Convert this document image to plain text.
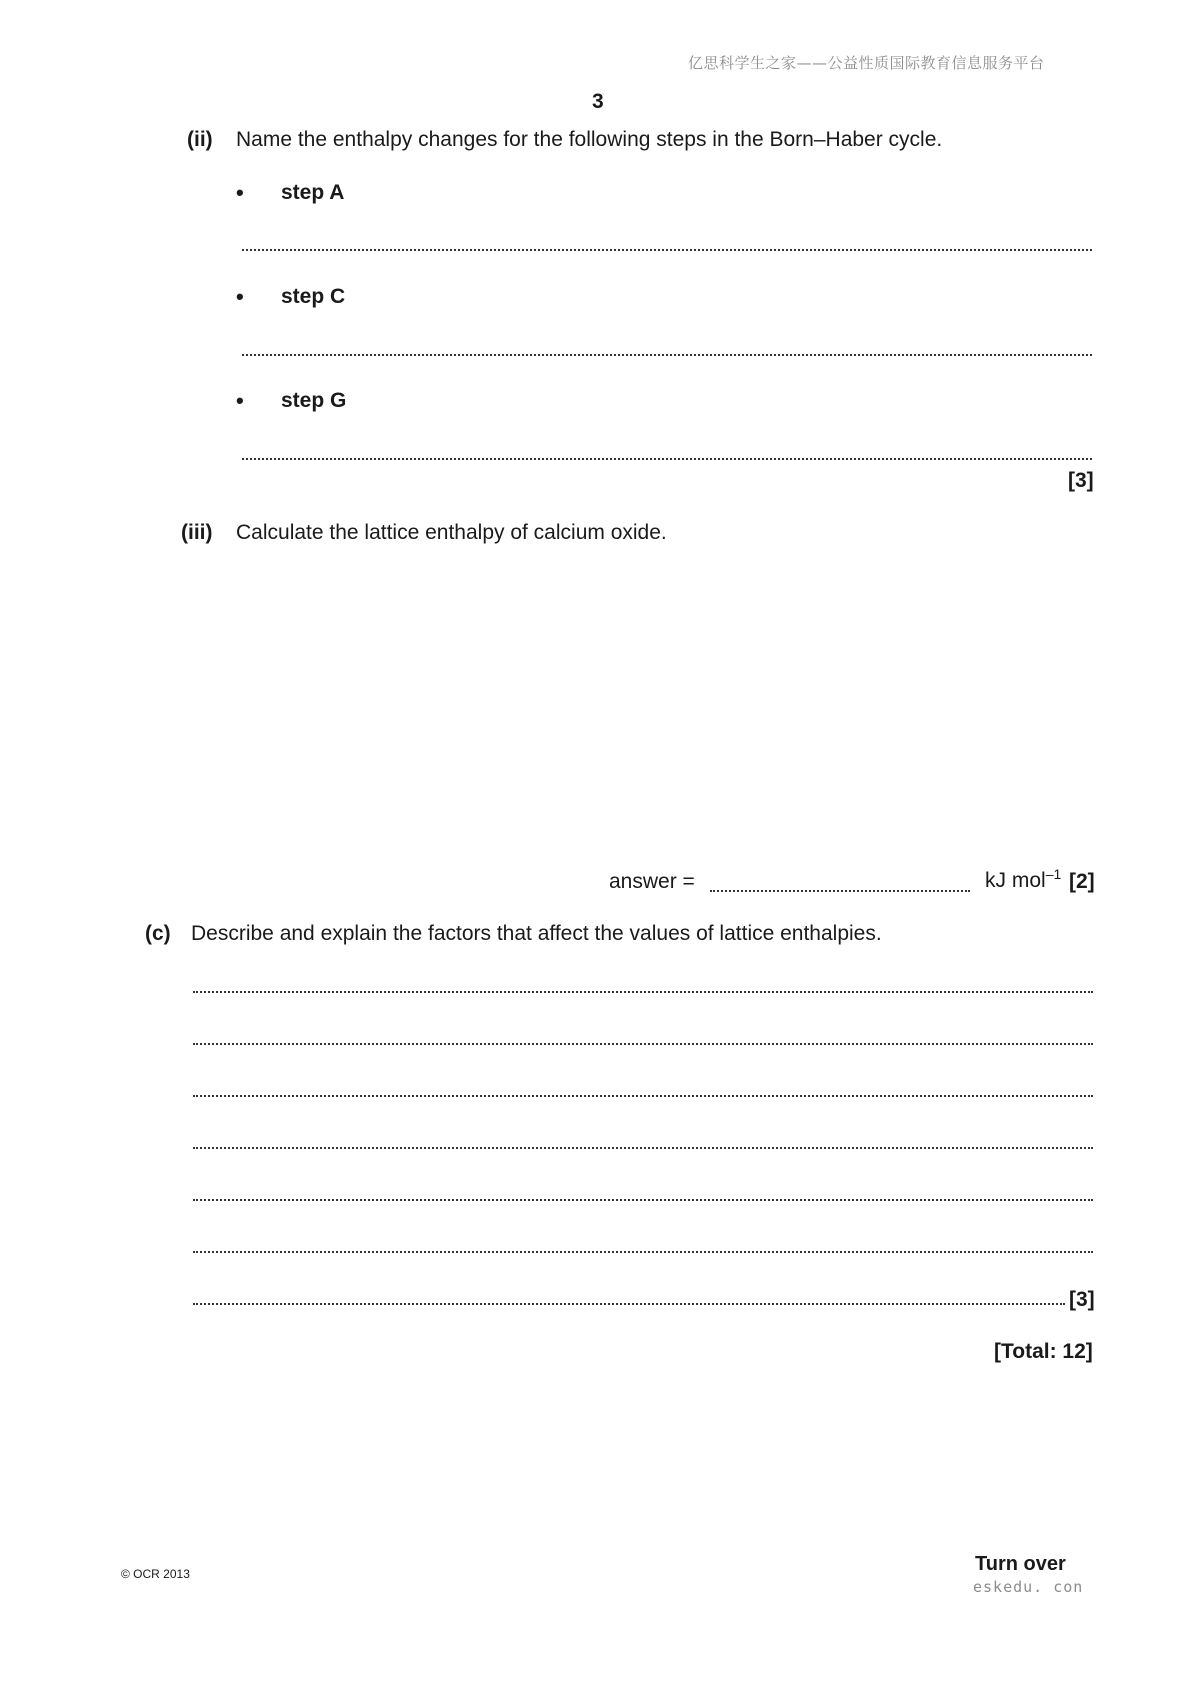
亿思科学生之家——公益性质国际教育信息服务平台
3
(ii) Name the enthalpy changes for the following steps in the Born–Haber cycle.
• step A
• step C
• step G
[3]
(iii) Calculate the lattice enthalpy of calcium oxide.
answer =	kJ mol$^{-1}$ [2]
(c) Describe and explain the factors that affect the values of lattice enthalpies.
[3]
[Total: 12]
© OCR 2013	Turn over
eskedu. con
